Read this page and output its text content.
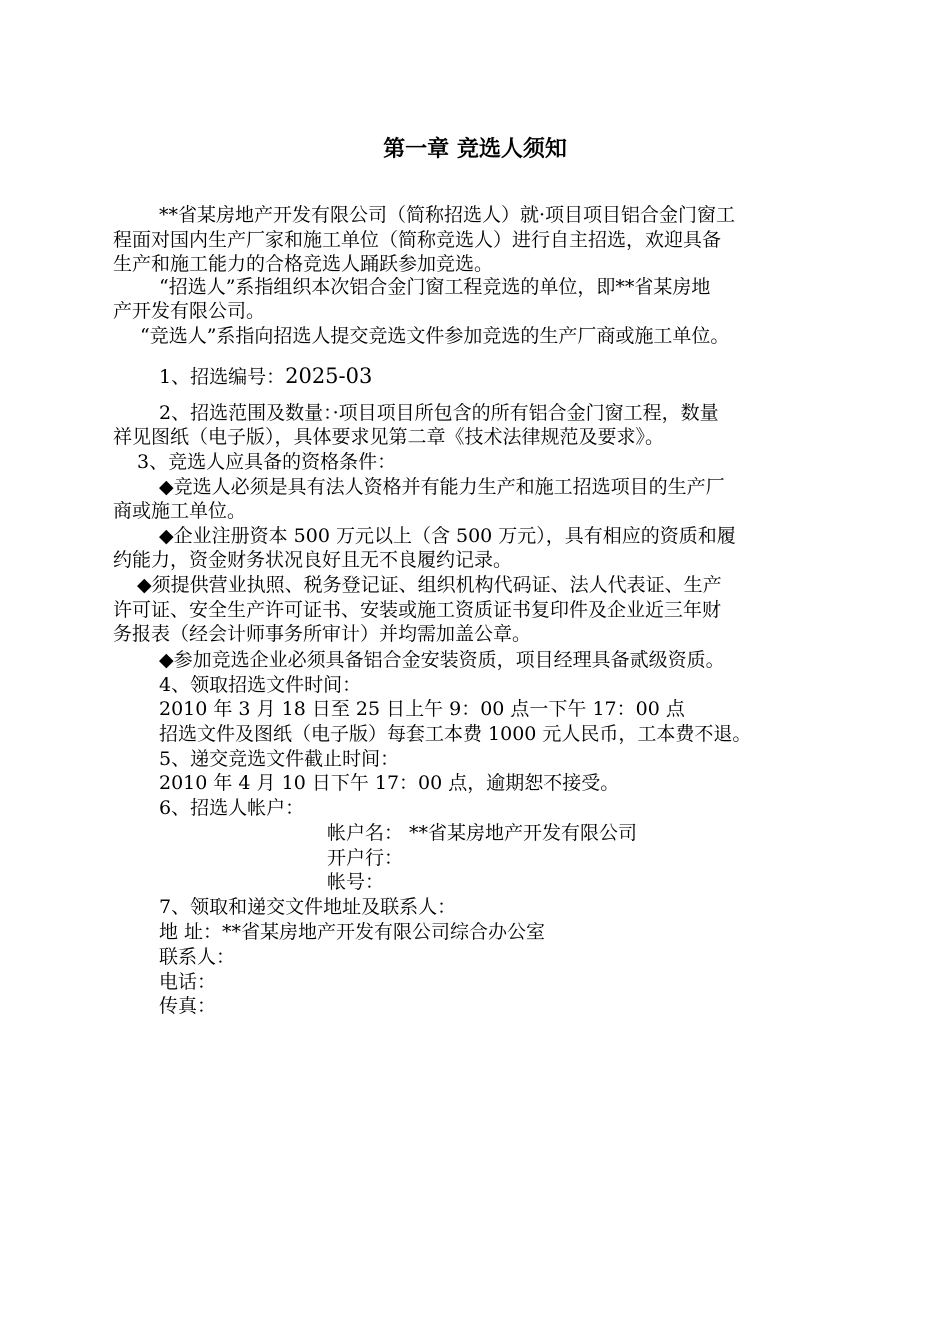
第一章 竞选人须知
**省某房地产开发有限公司（简称招选人）就·项目项目铝合金门窗工
程面对国内生产厂家和施工单位（简称竞选人）进行自主招选，欢迎具备
生产和施工能力的合格竞选人踊跃参加竞选。
“招选人”系指组织本次铝合金门窗工程竞选的单位，即**省某房地
产开发有限公司。
“竞选人”系指向招选人提交竞选文件参加竞选的生产厂商或施工单位。
1、招选编号：2025-03
2、招选范围及数量：·项目项目所包含的所有铝合金门窗工程，数量
祥见图纸（电子版），具体要求见第二章《技术法律规范及要求》。
3、竞选人应具备的资格条件：
◆竞选人必须是具有法人资格并有能力生产和施工招选项目的生产厂
商或施工单位。
◆企业注册资本 500 万元以上（含 500 万元），具有相应的资质和履
约能力，资金财务状况良好且无不良履约记录。
◆须提供营业执照、税务登记证、组织机构代码证、法人代表证、生产
许可证、安全生产许可证书、安装或施工资质证书复印件及企业近三年财
务报表（经会计师事务所审计）并均需加盖公章。
◆参加竞选企业必须具备铝合金安装资质，项目经理具备贰级资质。
4、领取招选文件时间：
2010 年 3 月 18 日至 25 日上午 9：00 点一下午 17：00 点
招选文件及图纸（电子版）每套工本费 1000 元人民币，工本费不退。
5、递交竞选文件截止时间：
2010 年 4 月 10 日下午 17：00 点，逾期恕不接受。
6、招选人帐户：
帐户名： **省某房地产开发有限公司
开户行：
帐号：
7、领取和递交文件地址及联系人：
地 址：**省某房地产开发有限公司综合办公室
联系人：
电话：
传真：
